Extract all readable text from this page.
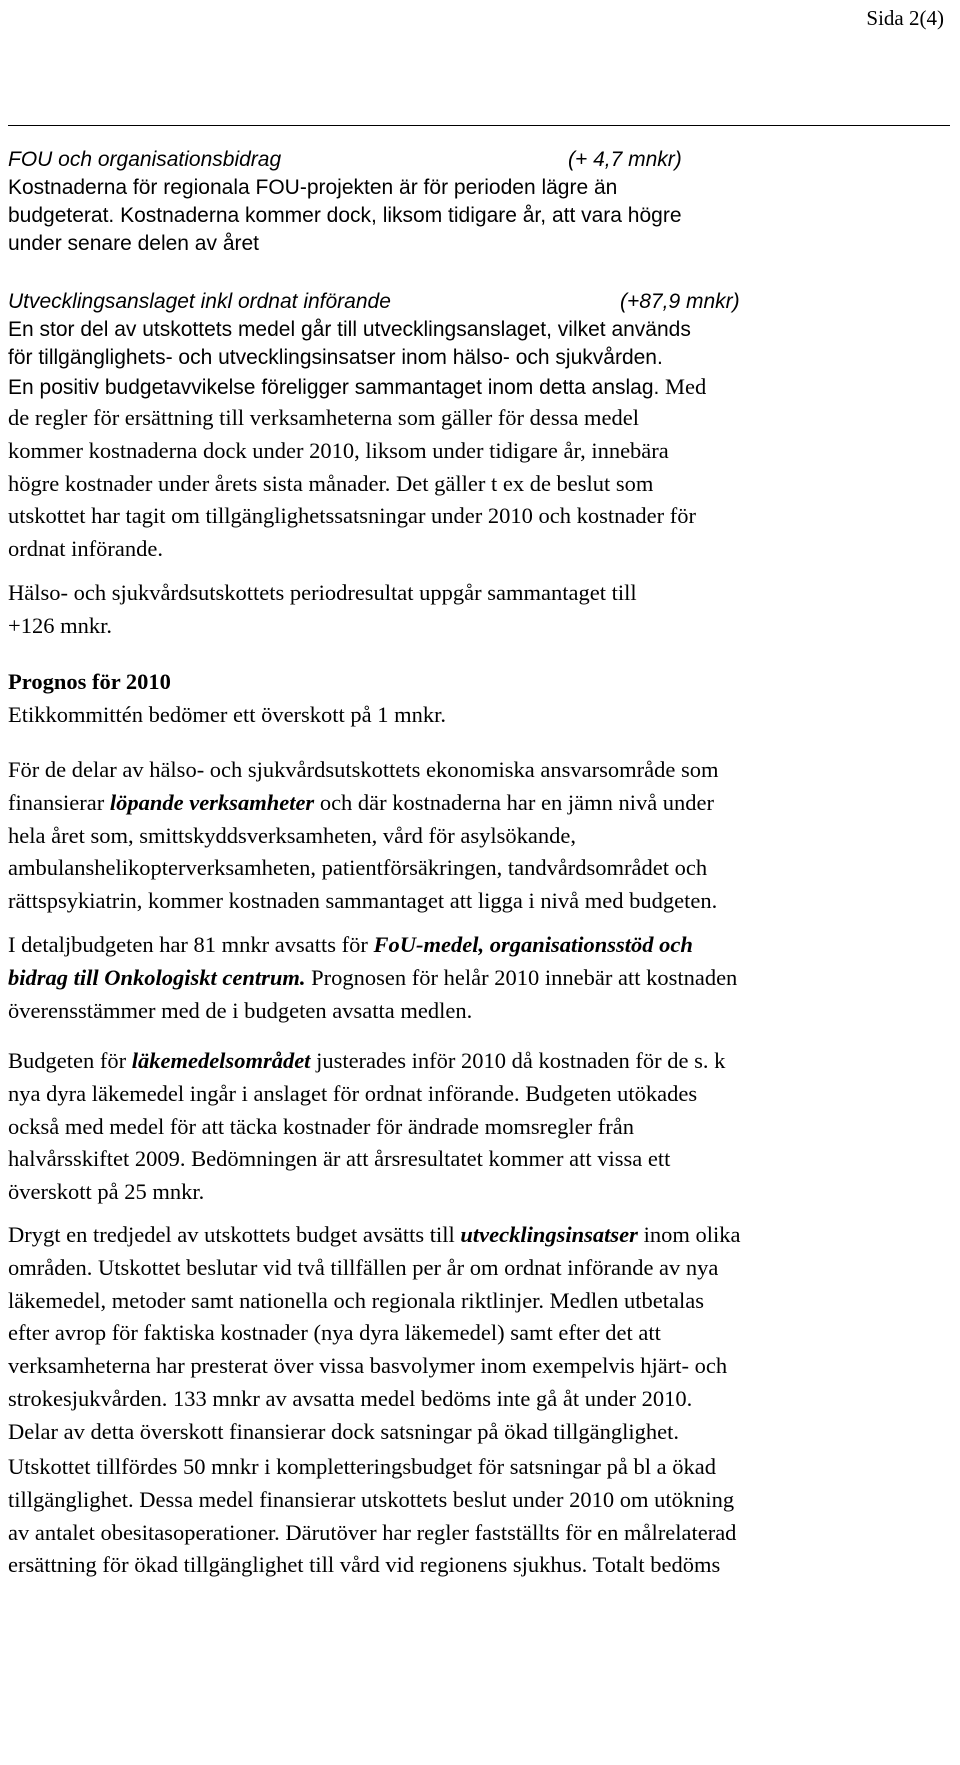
Sida 2(4)
FOU och organisationsbidrag	(+ 4,7 mnkr)
Kostnaderna för regionala FOU-projekten är för perioden lägre än
budgeterat. Kostnaderna kommer dock, liksom tidigare år, att vara högre
under senare delen av året
Utvecklingsanslaget inkl ordnat införande	(+87,9 mnkr)
En stor del av utskottets medel går till utvecklingsanslaget, vilket används
för tillgänglighets- och utvecklingsinsatser inom hälso- och sjukvården.
En positiv budgetavvikelse föreligger sammantaget inom detta anslag. Med
de regler för ersättning till verksamheterna som gäller för dessa medel
kommer kostnaderna dock under 2010, liksom under tidigare år, innebära
högre kostnader under årets sista månader. Det gäller t ex de beslut som
utskottet har tagit om tillgänglighetssatsningar under 2010 och kostnader för
ordnat införande.
Hälso- och sjukvårdsutskottets periodresultat uppgår sammantaget till
+126 mnkr.
Prognos för 2010
Etikkommittén bedömer ett överskott på 1 mnkr.
För de delar av hälso- och sjukvårdsutskottets ekonomiska ansvarsområde som
finansierar löpande verksamheter och där kostnaderna har en jämn nivå under
hela året som, smittskyddsverksamheten, vård för asylsökande,
ambulanshelikopterverksamheten, patientförsäkringen, tandvårdsområdet och
rättspsykiatrin, kommer kostnaden sammantaget att ligga i nivå med budgeten.
I detaljbudgeten har 81 mnkr avsatts för FoU-medel, organisationsstöd och
bidrag till Onkologiskt centrum. Prognosen för helår 2010 innebär att kostnaden
överensstämmer med de i budgeten avsatta medlen.
Budgeten för läkemedelsområdet justerades inför 2010 då kostnaden för de s. k
nya dyra läkemedel ingår i anslaget för ordnat införande. Budgeten utökades
också med medel för att täcka kostnader för ändrade momsregler från
halvårsskiftet 2009. Bedömningen är att årsresultatet kommer att vissa ett
överskott på 25 mnkr.
Drygt en tredjedel av utskottets budget avsätts till utvecklingsinsatser inom olika
områden. Utskottet beslutar vid två tillfällen per år om ordnat införande av nya
läkemedel, metoder samt nationella och regionala riktlinjer. Medlen utbetalas
efter avrop för faktiska kostnader (nya dyra läkemedel) samt efter det att
verksamheterna har presterat över vissa basvolymer inom exempelvis hjärt- och
strokesjukvården. 133 mnkr av avsatta medel bedöms inte gå åt under 2010.
Delar av detta överskott finansierar dock satsningar på ökad tillgänglighet.
Utskottet tillfördes 50 mnkr i kompletteringsbudget för satsningar på bl a ökad
tillgänglighet. Dessa medel finansierar utskottets beslut under 2010 om utökning
av antalet obesitasoperationer. Därutöver har regler fastställts för en målrelaterad
ersättning för ökad tillgänglighet till vård vid regionens sjukhus. Totalt bedöms
